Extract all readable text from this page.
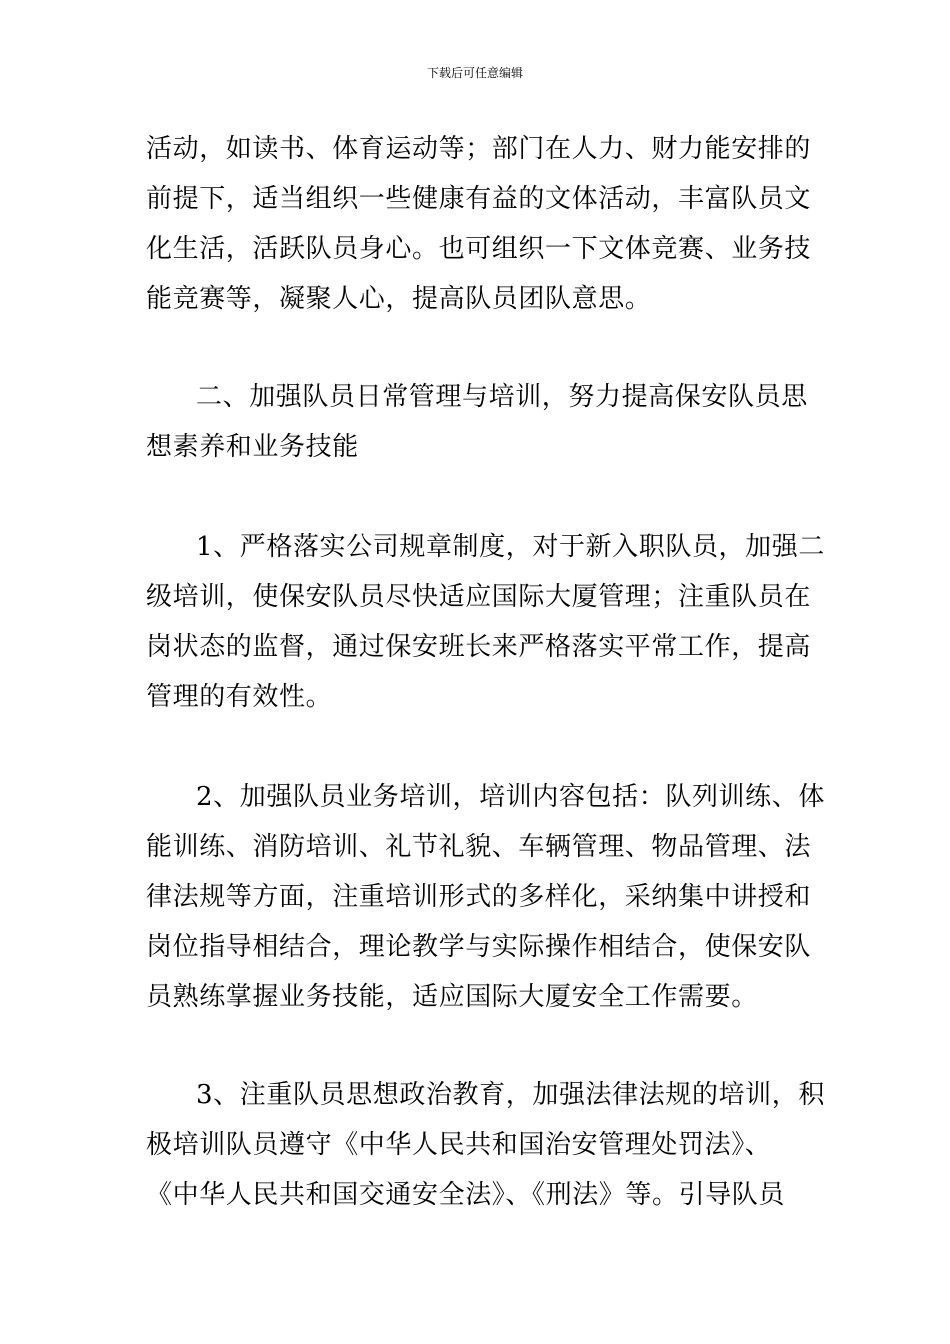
下载后可任意编辑
活动，如读书、体育运动等；部门在人力、财力能安排的
前提下，适当组织一些健康有益的文体活动，丰富队员文
化生活，活跃队员身心。也可组织一下文体竞赛、业务技
能竞赛等，凝聚人心，提高队员团队意思。
二、加强队员日常管理与培训，努力提高保安队员思
想素养和业务技能
1、严格落实公司规章制度，对于新入职队员，加强二
级培训，使保安队员尽快适应国际大厦管理；注重队员在
岗状态的监督，通过保安班长来严格落实平常工作，提高
管理的有效性。
2、加强队员业务培训，培训内容包括：队列训练、体
能训练、消防培训、礼节礼貌、车辆管理、物品管理、法
律法规等方面，注重培训形式的多样化，采纳集中讲授和
岗位指导相结合，理论教学与实际操作相结合，使保安队
员熟练掌握业务技能，适应国际大厦安全工作需要。
3、注重队员思想政治教育，加强法律法规的培训，积
极培训队员遵守《中华人民共和国治安管理处罚法》、
《中华人民共和国交通安全法》、《刑法》等。引导队员
